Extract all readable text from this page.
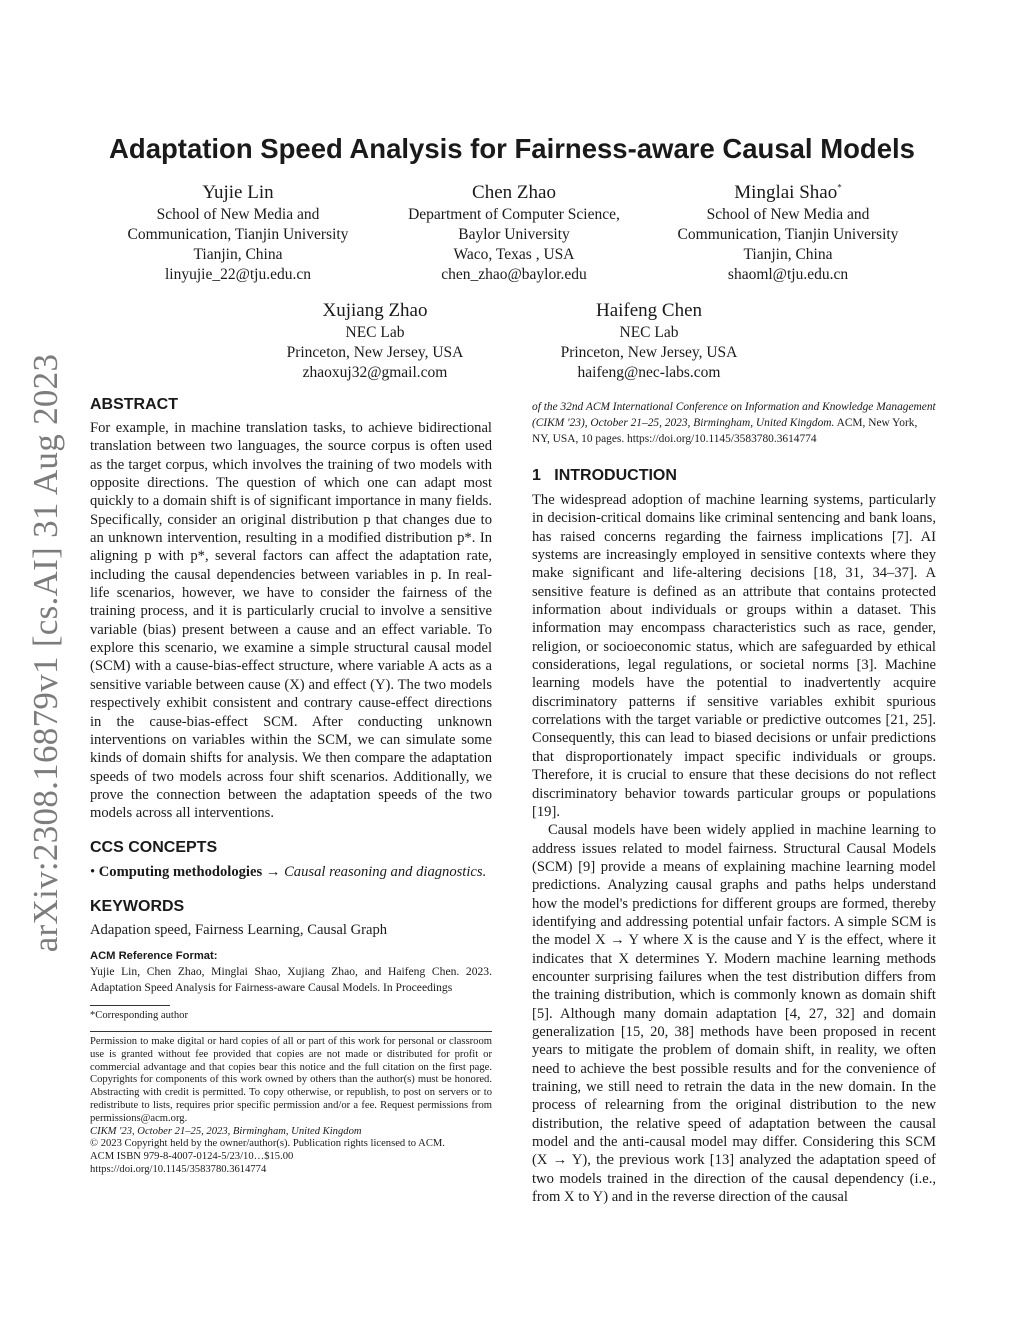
arXiv:2308.16879v1 [cs.AI] 31 Aug 2023
Adaptation Speed Analysis for Fairness-aware Causal Models
Yujie Lin
School of New Media and
Communication, Tianjin University
Tianjin, China
linyujie_22@tju.edu.cn
Chen Zhao
Department of Computer Science,
Baylor University
Waco, Texas , USA
chen_zhao@baylor.edu
Minglai Shao*
School of New Media and
Communication, Tianjin University
Tianjin, China
shaoml@tju.edu.cn
Xujiang Zhao
NEC Lab
Princeton, New Jersey, USA
zhaoxuj32@gmail.com
Haifeng Chen
NEC Lab
Princeton, New Jersey, USA
haifeng@nec-labs.com
ABSTRACT

For example, in machine translation tasks, to achieve bidirectional translation between two languages, the source corpus is often used as the target corpus, which involves the training of two models with opposite directions. The question of which one can adapt most quickly to a domain shift is of significant importance in many fields. Specifically, consider an original distribution p that changes due to an unknown intervention, resulting in a modified distribution p*. In aligning p with p*, several factors can affect the adaptation rate, including the causal dependencies between variables in p. In real-life scenarios, however, we have to consider the fairness of the training process, and it is particularly crucial to involve a sensitive variable (bias) present between a cause and an effect variable. To explore this scenario, we examine a simple structural causal model (SCM) with a cause-bias-effect structure, where variable A acts as a sensitive variable between cause (X) and effect (Y). The two models respectively exhibit consistent and contrary cause-effect directions in the cause-bias-effect SCM. After conducting unknown interventions on variables within the SCM, we can simulate some kinds of domain shifts for analysis. We then compare the adaptation speeds of two models across four shift scenarios. Additionally, we prove the connection between the adaptation speeds of the two models across all interventions.

CCS CONCEPTS
• Computing methodologies → Causal reasoning and diagnostics.
KEYWORDS
Adapation speed, Fairness Learning, Causal Graph
ACM Reference Format:

Yujie Lin, Chen Zhao, Minglai Shao, Xujiang Zhao, and Haifeng Chen. 2023. Adaptation Speed Analysis for Fairness-aware Causal Models. In Proceedings

*Corresponding author

Permission to make digital or hard copies of all or part of this work for personal or classroom use is granted without fee provided that copies are not made or distributed for profit or commercial advantage and that copies bear this notice and the full citation on the first page. Copyrights for components of this work owned by others than the author(s) must be honored. Abstracting with credit is permitted. To copy otherwise, or republish, to post on servers or to redistribute to lists, requires prior specific permission and/or a fee. Request permissions from permissions@acm.org.

CIKM '23, October 21–25, 2023, Birmingham, United Kingdom
© 2023 Copyright held by the owner/author(s). Publication rights licensed to ACM.
ACM ISBN 979-8-4007-0124-5/23/10…$15.00
https://doi.org/10.1145/3583780.3614774
of the 32nd ACM International Conference on Information and Knowledge Management (CIKM '23), October 21–25, 2023, Birmingham, United Kingdom. ACM, New York, NY, USA, 10 pages. https://doi.org/10.1145/3583780.3614774
1 INTRODUCTION

The widespread adoption of machine learning systems, particularly in decision-critical domains like criminal sentencing and bank loans, has raised concerns regarding the fairness implications [7]. AI systems are increasingly employed in sensitive contexts where they make significant and life-altering decisions [18, 31, 34–37]. A sensitive feature is defined as an attribute that contains protected information about individuals or groups within a dataset. This information may encompass characteristics such as race, gender, religion, or socioeconomic status, which are safeguarded by ethical considerations, legal regulations, or societal norms [3]. Machine learning models have the potential to inadvertently acquire discriminatory patterns if sensitive variables exhibit spurious correlations with the target variable or predictive outcomes [21, 25]. Consequently, this can lead to biased decisions or unfair predictions that disproportionately impact specific individuals or groups. Therefore, it is crucial to ensure that these decisions do not reflect discriminatory behavior towards particular groups or populations [19].

Causal models have been widely applied in machine learning to address issues related to model fairness. Structural Causal Models (SCM) [9] provide a means of explaining machine learning model predictions. Analyzing causal graphs and paths helps understand how the model's predictions for different groups are formed, thereby identifying and addressing potential unfair factors. A simple SCM is the model X → Y where X is the cause and Y is the effect, where it indicates that X determines Y. Modern machine learning methods encounter surprising failures when the test distribution differs from the training distribution, which is commonly known as domain shift [5]. Although many domain adaptation [4, 27, 32] and domain generalization [15, 20, 38] methods have been proposed in recent years to mitigate the problem of domain shift, in reality, we often need to achieve the best possible results and for the convenience of training, we still need to retrain the data in the new domain. In the process of relearning from the original distribution to the new distribution, the relative speed of adaptation between the causal model and the anti-causal model may differ. Considering this SCM (X → Y), the previous work [13] analyzed the adaptation speed of two models trained in the direction of the causal dependency (i.e., from X to Y) and in the reverse direction of the causal
